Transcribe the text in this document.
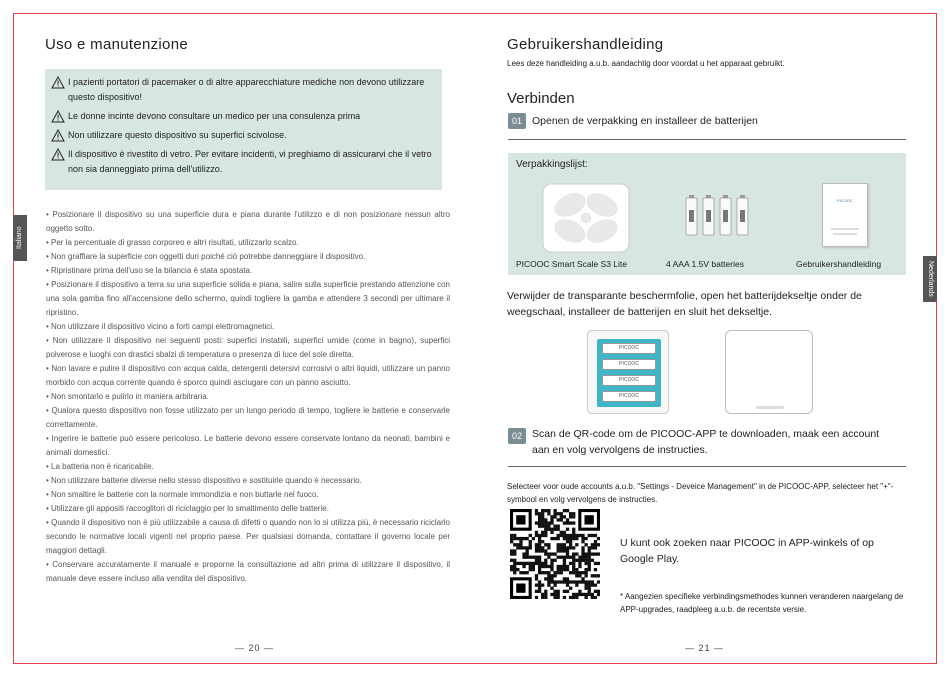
Uso e manutenzione
I pazienti portatori di pacemaker o di altre apparecchiature mediche non devono utilizzare questo dispositivo!
Le donne incinte devono consultare un medico per una consulenza prima
Non utilizzare questo dispositivo su superfici scivolose.
Il dispositivo è rivestito di vetro. Per evitare incidenti, vi preghiamo di assicurarvi che il vetro non sia danneggiato prima dell'utilizzo.

• Posizionare il dispositivo su una superficie dura e piana durante l'utilizzo e di non posizionare nessun altro oggetto sotto.

• Per la percentuale di grasso corporeo e altri risultati, utilizzarlo scalzo.

• Non graffiare la superficie con oggetti duri poiché ciò potrebbe danneggiare il dispositivo.

• Ripristinare prima dell'uso se la bilancia è stata spostata.

• Posizionare il dispositivo a terra su una superficie solida e piana, salire sulla superficie prestando attenzione con una sola gamba fino all'accensione dello schermo, quindi togliere la gamba e attendere 3 secondi per ultimare il ripristino.

• Non utilizzare il dispositivo vicino a forti campi elettromagnetici.

• Non utilizzare il dispositivo nei seguenti posti: superfici instabili, superfici umide (come in bagno), superfici polverose e luoghi con drastici sbalzi di temperatura o presenza di luce del sole diretta.

• Non lavare e pulire il dispositivo con acqua calda, detergenti detersivi corrosivi o altri liquidi, utilizzare un panno morbido con acqua corrente quando è sporco quindi asciugare con un panno asciutto.

• Non smontarlo e pulirlo in maniera arbitraria.

• Qualora questo dispositivo non fosse utilizzato per un lungo periodo di tempo, togliere le batterie e conservarle correttamente.

• Ingerire le batterie può essere pericoloso. Le batterie devono essere conservate lontano da neonati, bambini e animali domestici.

• La batteria non è ricaricabile.

• Non utilizzare batterie diverse nello stesso dispositivo e sostituirle quando è necessario.

• Non smaltire le batterie con la normale immondizia e non buttarle nel fuoco.

• Utilizzare gli appositi raccoglitori di riciclaggio per lo smaltimento delle batterie.

• Quando il dispositivo non è più utilizzabile a causa di difetti o quando non lo si utilizza più, è necessario riciclarlo secondo le normative locali vigenti nel proprio paese. Per qualsiasi domanda, contattare il governo locale per maggiori dettagli.

• Conservare accuratamente il manuale e proporne la consultazione ad altri prima di utilizzare il dispositivo, il manuale deve essere incluso alla vendita del dispositivo.

— 20 —
Italiano
Gebruikershandleiding
Lees deze handleiding a.u.b. aandachtig door voordat u het apparaat gebruikt.
Verbinden
01 Openen de verpakking en installeer de batterijen
Verpakkingslijst:
PICOOC
PICOOC Smart Scale S3 Lite	4 AAA 1.5V batteries	Gebruikershandleiding
Verwijder de transparante beschermfolie, open het batterijdekseltje onder de weegschaal, installeer de batterijen en sluit het dekseltje.
PICOOC
PICOOC
PICOOC
PICOOC
02 Scan de QR-code om de PICOOC-APP te downloaden, maak een account aan en volg vervolgens de instructies.
Selecteer voor oude accounts a.u.b. "Settings - Deveice Management" in de PICOOC-APP, selecteer het "+"-symbool en volg vervolgens de instructies.
U kunt ook zoeken naar PICOOC in APP-winkels of op Google Play.
* Aangezien specifieke verbindingsmethodes kunnen veranderen naargelang de APP-upgrades, raadpleeg a.u.b. de recentste versie.
— 21 —
Nederlands
